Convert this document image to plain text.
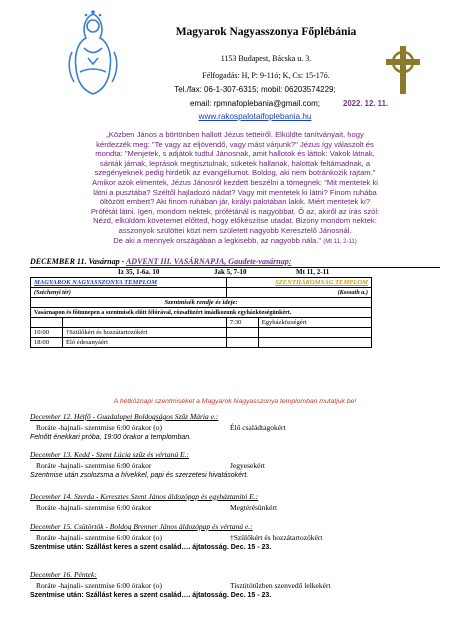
Magyarok Nagyasszonya Főplébánia
1153 Budapest, Bácska u. 3.
Félfogadás: H, P: 9-11ó; K, Cs: 15-17ó.
Tel./fax: 06-1-307-6315; mobil: 06203574229;
email: rpmnafoplebania@gmail.com;
www.rakospalotaifoplebania.hu
2022. 12. 11.
„Közben János a börtönben hallott Jézus tetteiről. Elküldte tanítványait, hogy
kérdezzék meg: "Te vagy az eljövendő, vagy mást várjunk?" Jézus így válaszolt és
mondta: "Menjetek, s adjátok tudtul Jánosnak, amit hallotok és láttok: Vakok látnak,
sánták járnak, leprások megtisztulnak, süketek hallanak, halottak feltámadnak, a
szegényeknek pedig hirdetik az evangéliumot. Boldog, aki nem botránkozik rajtam."
Amikor azok elmentek, Jézus Jánosról kezdett beszélni a tömegnek: "Mit mentetek ki
látni a pusztába? Széltől hajladozó nádat? Vagy mit mentetek ki látni? Finom ruhába
öltözött embert? Aki finom ruhában jár, királyi palotában lakik. Miért mentetek ki?
Prófétát látni. Igen, mondom nektek, prófétánál is nagyobbat. Ő az, akiről az írás szól:
Nézd, elküldöm követemet előtted, hogy előkészítse utadat. Bizony mondom nektek:
asszonyok szülöttei közt nem született nagyobb Keresztelő Jánosnál.
De aki a mennyek országában a legkisebb, az nagyobb nála." (Mt 11, 2-11)
DECEMBER 11. Vasárnap - ADVENT III. VASÁRNAPJA, Gaudete-vasárnap:
Iz 35, 1-6a. 10	Jak 5, 7-10	Mt 11, 2-11
MAGYAROK NAGYASSZONYA TEMPLOM		SZENTHÁROMSÁG TEMPLOM	
(Széchenyi tér)		(Kossuth u.)	
Szentmisék rendje és ideje:			
Vasárnapon és főünnepen a szentmisék előtt félórával, rózsafüzért imádkozunk egyházközségünkért.			
		7:30	Egyházközségért
10:00	†Szülőkért és hozzátartozókért		
18:00	Élő édesanyáért		
A hétköznapi szentmiséket a Magyarok Nagyasszonya templomban mutatjuk be!
December 12. Hétfő - Guadalupei Boldogságos Szűz Mária e.:
Roráte -hajnali- szentmise 6:00 órakor (o)	Élő családtagokért
Felnőtt énekkari próba, 19:00 órakor a templomban.
December 13. Kedd - Szent Lúcia szűz és vértanú E.:
Roráte -hajnali- szentmise 6:00 órakor	Jegyesekért
Szentmise után zsolozsma a hívekkel, papi és szerzetesi hivatásokért.
December 14. Szerda - Keresztes Szent János áldozópap és egyháztanító E.:
Roráte -hajnali- szentmise 6:00 órakor	Megtérésünkért
December 15. Csütörtök - Boldog Brenner János áldozópap és vértanú e.:
Roráte -hajnali- szentmise 6:00 órakor (o)	†Szülőkért és hozzátartozókért
Szentmise után: Szállást keres a szent család…. ájtatosság. Dec. 15 - 23.
December 16. Péntek:
Roráte -hajnali- szentmise 6:00 órakor (o)	Tisztitótűzben szenvedő lelkekért
Szentmise után: Szállást keres a szent család…. ájtatosság. Dec. 15 - 23.
